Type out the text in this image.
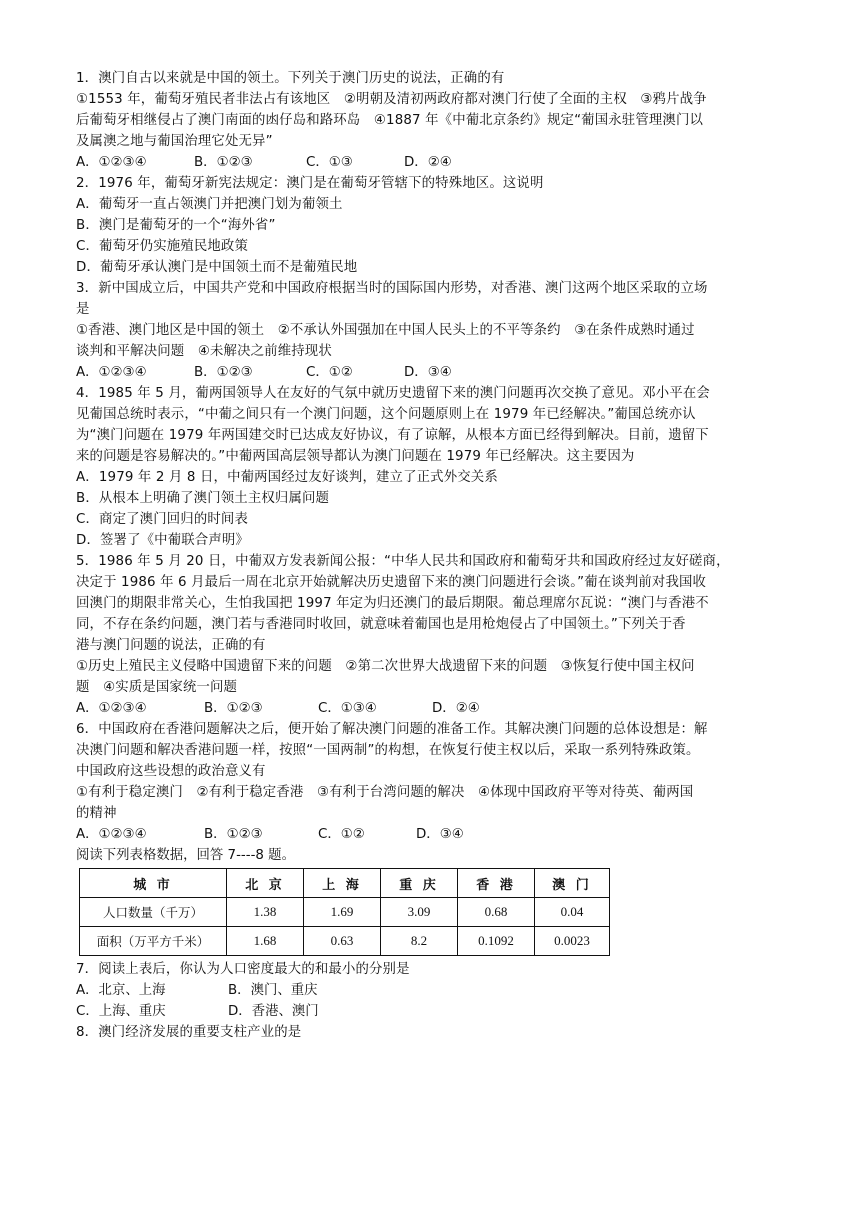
1．澳门自古以来就是中国的领土。下列关于澳门历史的说法，正确的有
①1553 年，葡萄牙殖民者非法占有该地区　②明朝及清初两政府都对澳门行使了全面的主权　③鸦片战争
后葡萄牙相继侵占了澳门南面的凼仔岛和路环岛　④1887 年《中葡北京条约》规定“葡国永驻管理澳门以
及属澳之地与葡国治理它处无异”
A．①②③④	B．①②③	C．①③	D．②④
2．1976 年，葡萄牙新宪法规定：澳门是在葡萄牙管辖下的特殊地区。这说明
A．葡萄牙一直占领澳门并把澳门划为葡领土
B．澳门是葡萄牙的一个“海外省”
C．葡萄牙仍实施殖民地政策
D．葡萄牙承认澳门是中国领土而不是葡殖民地
3．新中国成立后，中国共产党和中国政府根据当时的国际国内形势，对香港、澳门这两个地区采取的立场
是
①香港、澳门地区是中国的领土　②不承认外国强加在中国人民头上的不平等条约　③在条件成熟时通过
谈判和平解决问题　④未解决之前维持现状
A．①②③④	B．①②③	C．①②	D．③④
4．1985 年 5 月，葡两国领导人在友好的气氛中就历史遗留下来的澳门问题再次交换了意见。邓小平在会
见葡国总统时表示，“中葡之间只有一个澳门问题，这个问题原则上在 1979 年已经解决。”葡国总统亦认
为“澳门问题在 1979 年两国建交时已达成友好协议，有了谅解，从根本方面已经得到解决。目前，遗留下
来的问题是容易解决的。”中葡两国高层领导都认为澳门问题在 1979 年已经解决。这主要因为
A．1979 年 2 月 8 日，中葡两国经过友好谈判，建立了正式外交关系
B．从根本上明确了澳门领土主权归属问题
C．商定了澳门回归的时间表
D．签署了《中葡联合声明》
5．1986 年 5 月 20 日，中葡双方发表新闻公报：“中华人民共和国政府和葡萄牙共和国政府经过友好磋商，
决定于 1986 年 6 月最后一周在北京开始就解决历史遗留下来的澳门问题进行会谈。”葡在谈判前对我国收
回澳门的期限非常关心，生怕我国把 1997 年定为归还澳门的最后期限。葡总理席尔瓦说：“澳门与香港不
同，不存在条约问题，澳门若与香港同时收回，就意味着葡国也是用枪炮侵占了中国领土。”下列关于香
港与澳门问题的说法，正确的有
①历史上殖民主义侵略中国遗留下来的问题　②第二次世界大战遗留下来的问题　③恢复行使中国主权问
题　④实质是国家统一问题
A．①②③④	B．①②③	C．①③④	D．②④
6．中国政府在香港问题解决之后，便开始了解决澳门问题的准备工作。其解决澳门问题的总体设想是：解
决澳门问题和解决香港问题一样，按照“一国两制”的构想，在恢复行使主权以后，采取一系列特殊政策。
中国政府这些设想的政治意义有
①有利于稳定澳门　②有利于稳定香港　③有利于台湾问题的解决　④体现中国政府平等对待英、葡两国
的精神
A．①②③④	B．①②③	C．①②	D．③④
阅读下列表格数据，回答 7----8 题。
城 市	北 京	上 海	重 庆	香 港	澳 门
人口数量（千万）	1.38	1.69	3.09	0.68	0.04
面积（万平方千米）	1.68	0.63	8.2	0.1092	0.0023
7．阅读上表后，你认为人口密度最大的和最小的分别是
A．北京、上海	B．澳门、重庆
C．上海、重庆	D．香港、澳门
8．澳门经济发展的重要支柱产业的是
